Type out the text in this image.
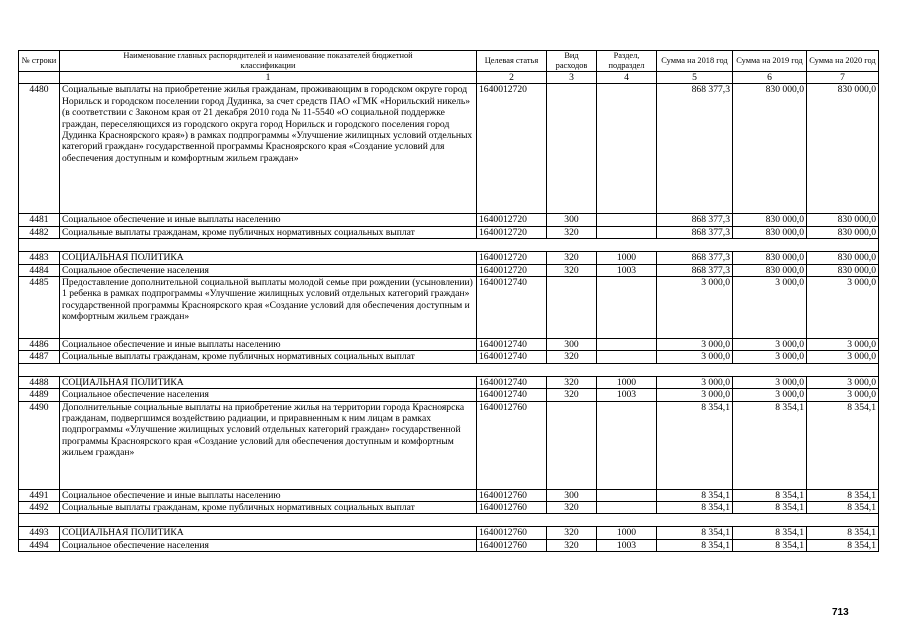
№ строки	Наименование главных распорядителей и наименование показателей бюджетной
классификации	Целевая статья	Вид расходов	Раздел, подраздел	Сумма на 2018 год	Сумма на 2019 год	Сумма на 2020 год
	1	2	3	4	5	6	7
4480	Социальные выплаты на приобретение жилья гражданам, проживающим в городском округе город Норильск и городском поселении город Дудинка, за счет средств ПАО «ГМК «Норильский никель» (в соответствии с Законом края от 21 декабря 2010 года № 11-5540 «О социальной поддержке граждан, переселяющихся из городского округа город Норильск и городского поселения город Дудинка Красноярского края») в рамках подпрограммы «Улучшение жилищных условий отдельных категорий граждан» государственной программы Красноярского края «Создание условий для обеспечения доступным и комфортным жильем граждан»	1640012720			868 377,3	830 000,0	830 000,0
4481	Социальное обеспечение и иные выплаты населению	1640012720	300		868 377,3	830 000,0	830 000,0
4482	Социальные выплаты гражданам, кроме публичных нормативных социальных выплат	1640012720	320		868 377,3	830 000,0	830 000,0

4483	СОЦИАЛЬНАЯ ПОЛИТИКА	1640012720	320	1000	868 377,3	830 000,0	830 000,0
4484	Социальное обеспечение населения	1640012720	320	1003	868 377,3	830 000,0	830 000,0
4485	Предоставление дополнительной социальной выплаты молодой семье при рождении (усыновлении) 1 ребенка в рамках подпрограммы «Улучшение жилищных условий отдельных категорий граждан» государственной программы Красноярского края «Создание условий для обеспечения доступным и комфортным жильем граждан»	1640012740			3 000,0	3 000,0	3 000,0
4486	Социальное обеспечение и иные выплаты населению	1640012740	300		3 000,0	3 000,0	3 000,0
4487	Социальные выплаты гражданам, кроме публичных нормативных социальных выплат	1640012740	320		3 000,0	3 000,0	3 000,0

4488	СОЦИАЛЬНАЯ ПОЛИТИКА	1640012740	320	1000	3 000,0	3 000,0	3 000,0
4489	Социальное обеспечение населения	1640012740	320	1003	3 000,0	3 000,0	3 000,0
4490	Дополнительные социальные выплаты на приобретение жилья на территории города Красноярска гражданам, подвергшимся воздействию радиации, и приравненным к ним лицам в рамках подпрограммы «Улучшение жилищных условий отдельных категорий граждан» государственной программы Красноярского края «Создание условий для обеспечения доступным и комфортным жильем граждан»	1640012760			8 354,1	8 354,1	8 354,1
4491	Социальное обеспечение и иные выплаты населению	1640012760	300		8 354,1	8 354,1	8 354,1
4492	Социальные выплаты гражданам, кроме публичных нормативных социальных выплат	1640012760	320		8 354,1	8 354,1	8 354,1

4493	СОЦИАЛЬНАЯ ПОЛИТИКА	1640012760	320	1000	8 354,1	8 354,1	8 354,1
4494	Социальное обеспечение населения	1640012760	320	1003	8 354,1	8 354,1	8 354,1
713
